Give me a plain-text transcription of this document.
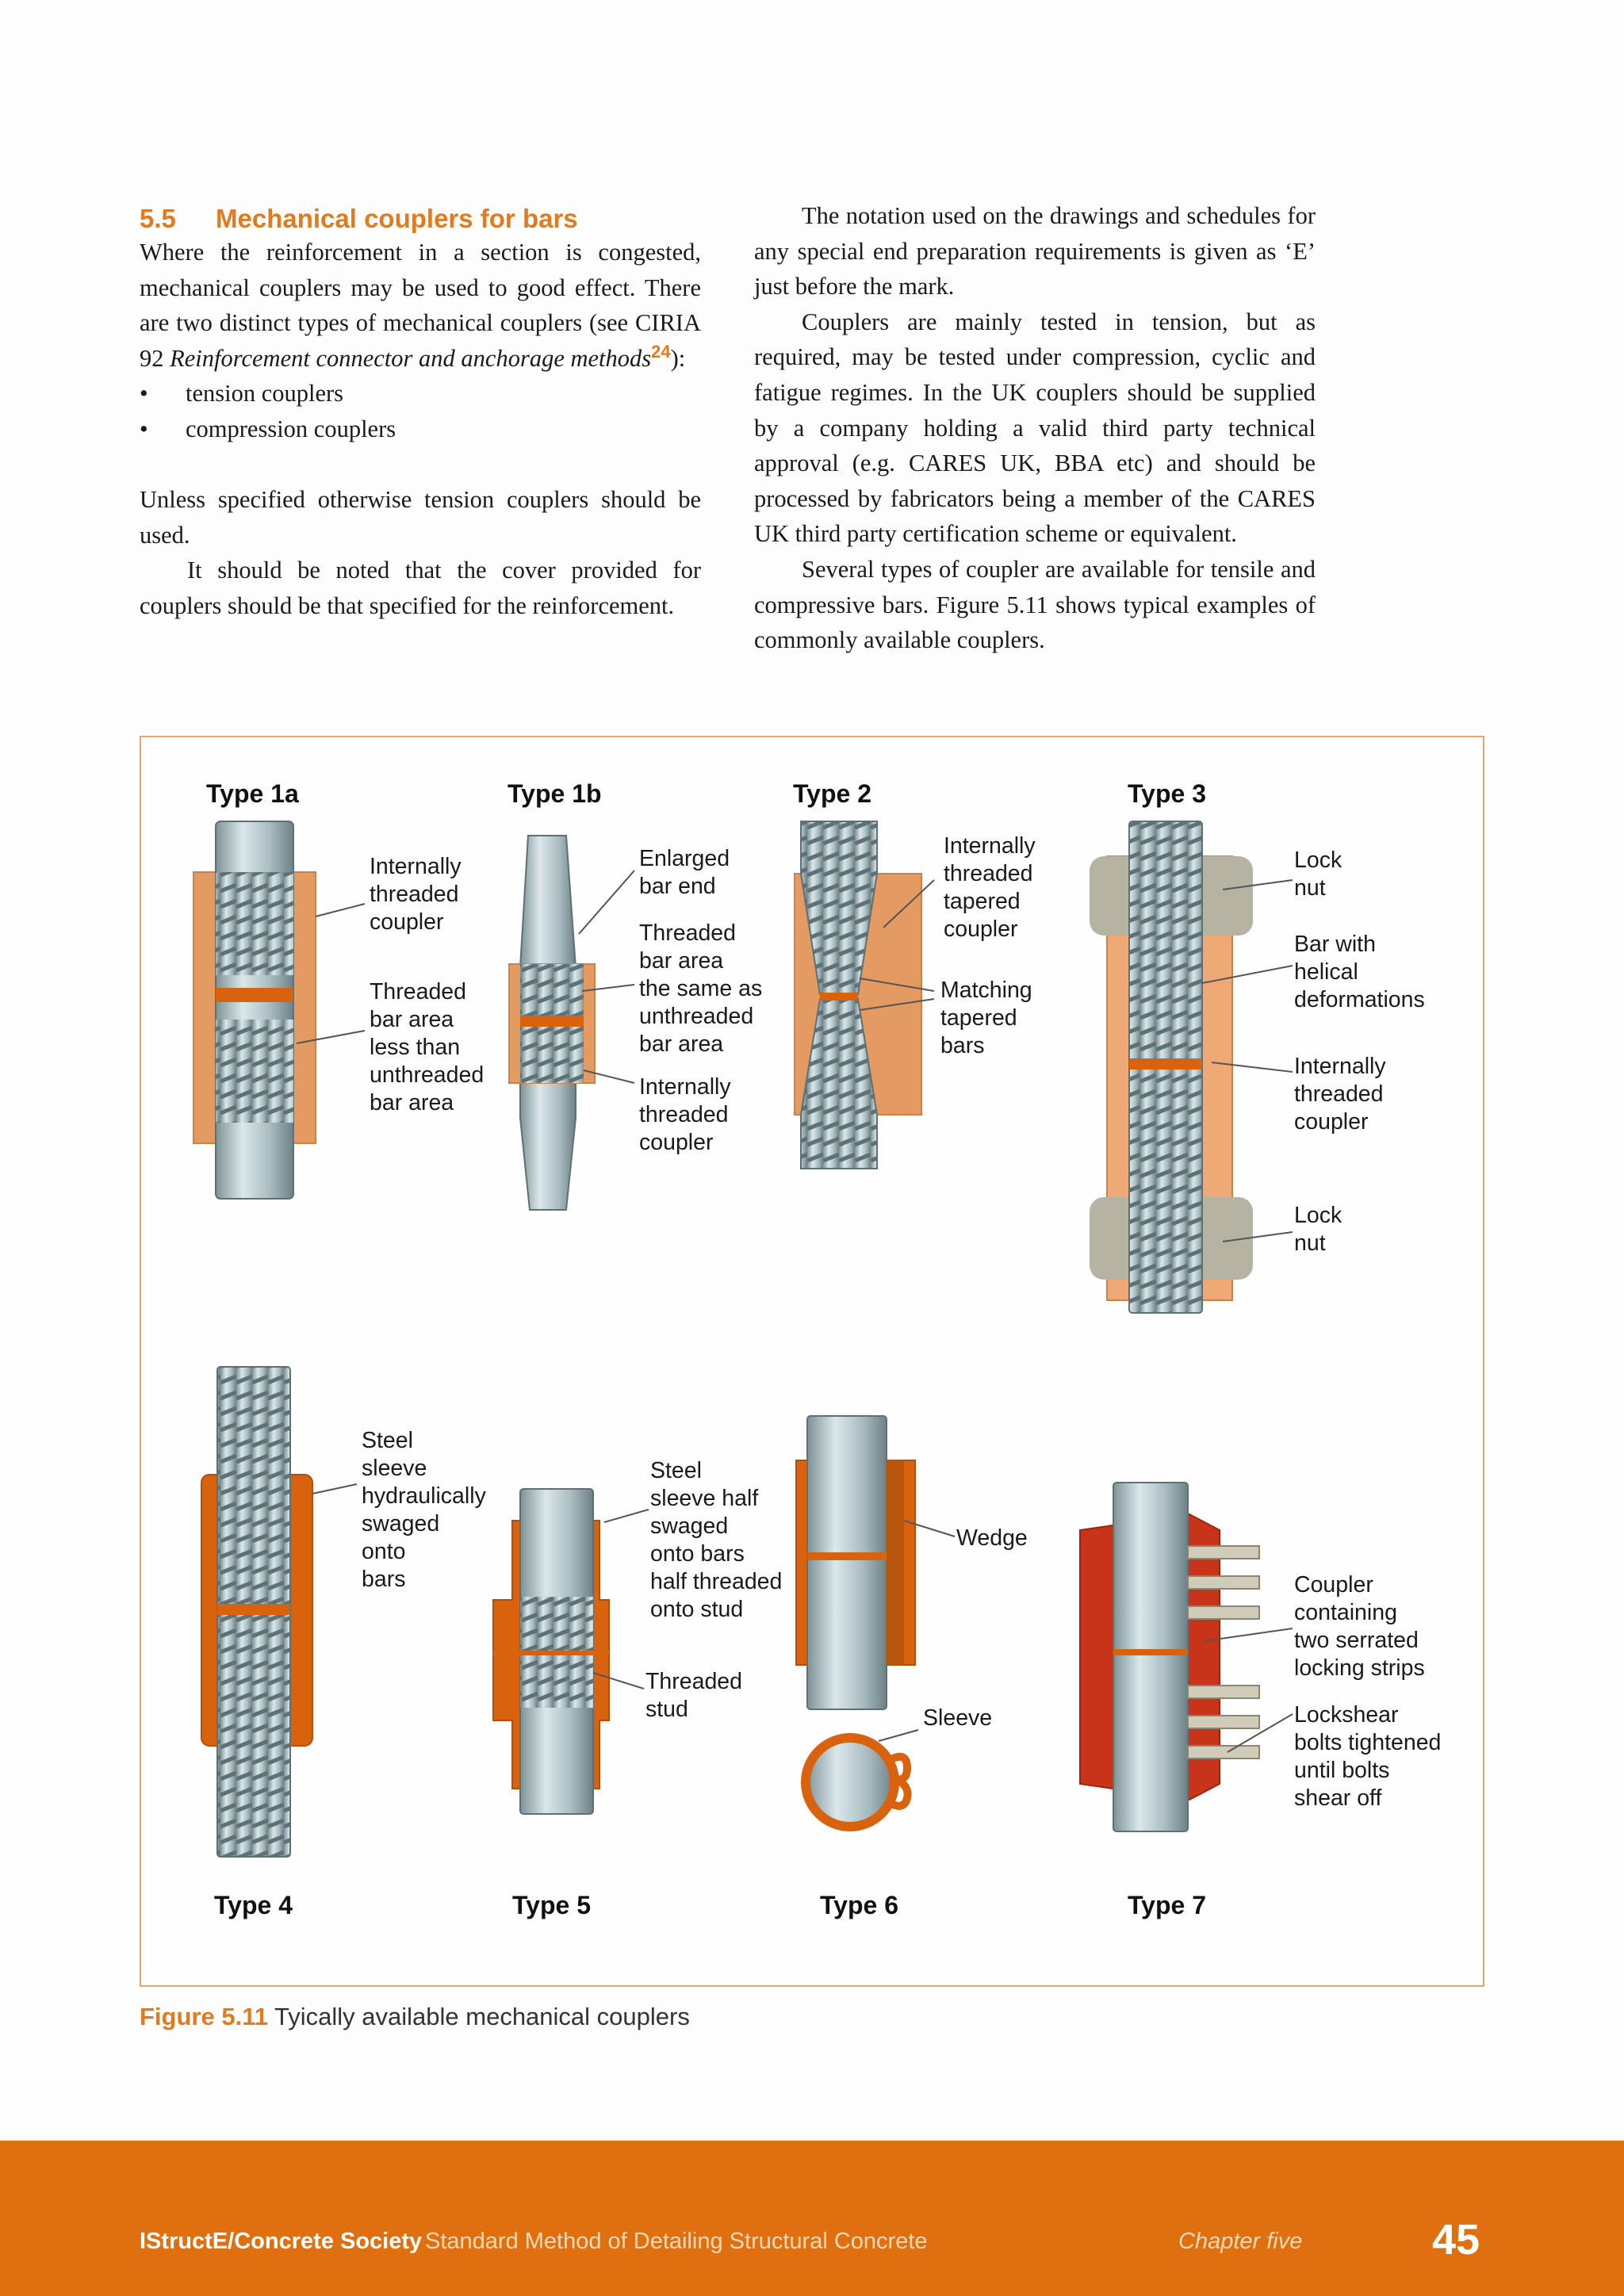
5.5 Mechanical couplers for bars

Where the reinforcement in a section is congested, mechanical couplers may be used to good effect. There are two distinct types of mechanical couplers (see CIRIA 92 Reinforcement connector and anchorage methods$^{24}$):

• tension couplers
• compression couplers

Unless specified otherwise tension couplers should be used.

It should be noted that the cover provided for couplers should be that specified for the reinforcement.

The notation used on the drawings and schedules for any special end preparation requirements is given as ‘E’ just before the mark.

Couplers are mainly tested in tension, but as required, may be tested under compression, cyclic and fatigue regimes. In the UK couplers should be supplied by a company holding a valid third party technical approval (e.g. CARES UK, BBA etc) and should be processed by fabricators being a member of the CARES UK third party certification scheme or equivalent.

Several types of coupler are available for tensile and compressive bars. Figure 5.11 shows typical examples of commonly available couplers.

Type 1a	Type 1b	Type 2	Type 3
Type 4	Type 5	Type 6	Type 7
Internally
threaded
coupler
Threaded
bar area
less than
unthreaded
bar area
Enlarged
bar end
Threaded
bar area
the same as
unthreaded
bar area
Internally
threaded
coupler
Internally
threaded
tapered
coupler
Matching
tapered
bars
Lock
nut
Bar with
helical
deformations
Internally
threaded
coupler
Lock
nut
Steel
sleeve
hydraulically
swaged
onto
bars
Steel
sleeve half
swaged
onto bars
half threaded
onto stud
Threaded
stud
Wedge
Sleeve
Coupler
containing
two serrated
locking strips
Lockshear
bolts tightened
until bolts
shear off
Figure 5.11 Tyically available mechanical couplers
IStructE/Concrete Society Standard Method of Detailing Structural Concrete	Chapter five	45
